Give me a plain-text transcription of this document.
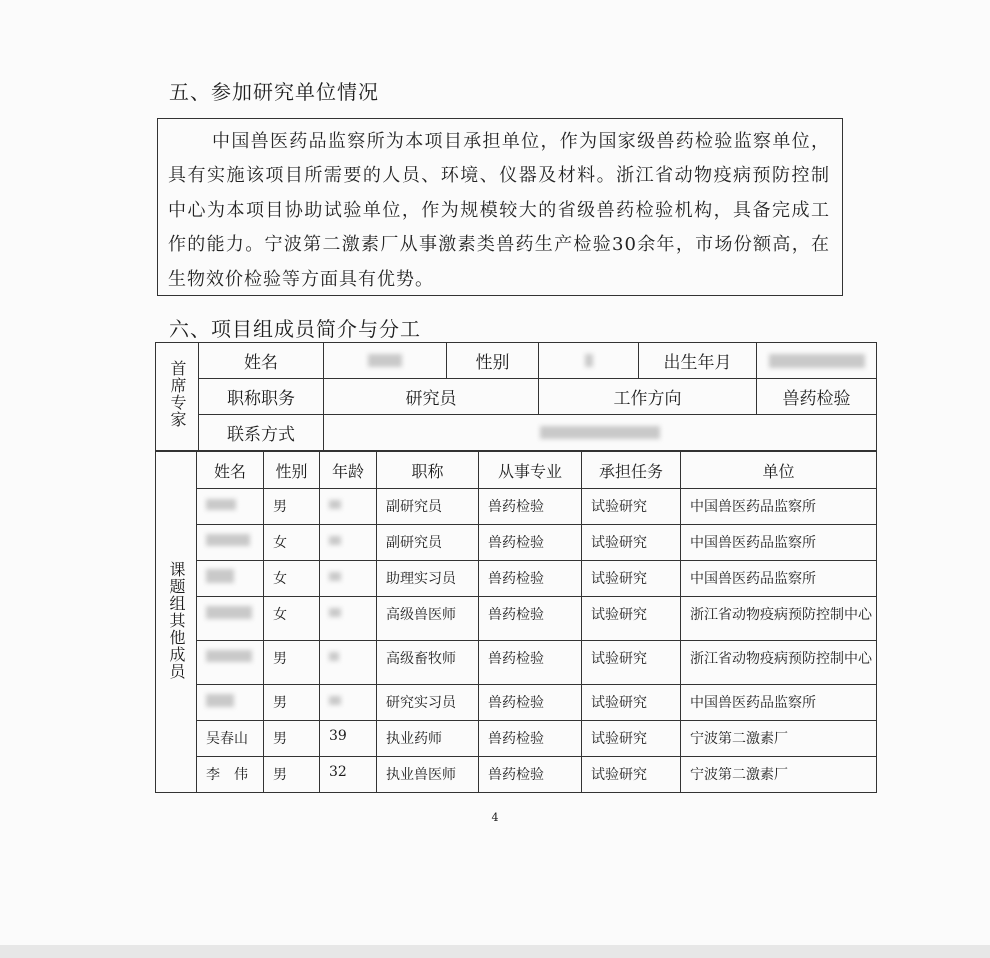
五、参加研究单位情况
中国兽医药品监察所为本项目承担单位，作为国家级兽药检验监察单位，具有实施该项目所需要的人员、环境、仪器及材料。浙江省动物疫病预防控制中心为本项目协助试验单位，作为规模较大的省级兽药检验机构，具备完成工作的能力。宁波第二激素厂从事激素类兽药生产检验30余年，市场份额高，在生物效价检验等方面具有优势。
六、项目组成员简介与分工
首席专家	姓名		性别		出生年月	
	职称职务	研究员		工作方向		兽药检验
	联系方式					
课题组其他成员	姓名	性别	年龄	职称	从事专业	承担任务	单位
		男		副研究员	兽药检验	试验研究	中国兽医药品监察所
		女		副研究员	兽药检验	试验研究	中国兽医药品监察所
		女		助理实习员	兽药检验	试验研究	中国兽医药品监察所
		女		高级兽医师	兽药检验	试验研究	浙江省动物疫病预防控制中心
		男		高级畜牧师	兽药检验	试验研究	浙江省动物疫病预防控制中心
		男		研究实习员	兽药检验	试验研究	中国兽医药品监察所
	吴春山	男	39	执业药师	兽药检验	试验研究	宁波第二激素厂
	李　伟	男	32	执业兽医师	兽药检验	试验研究	宁波第二激素厂
4
